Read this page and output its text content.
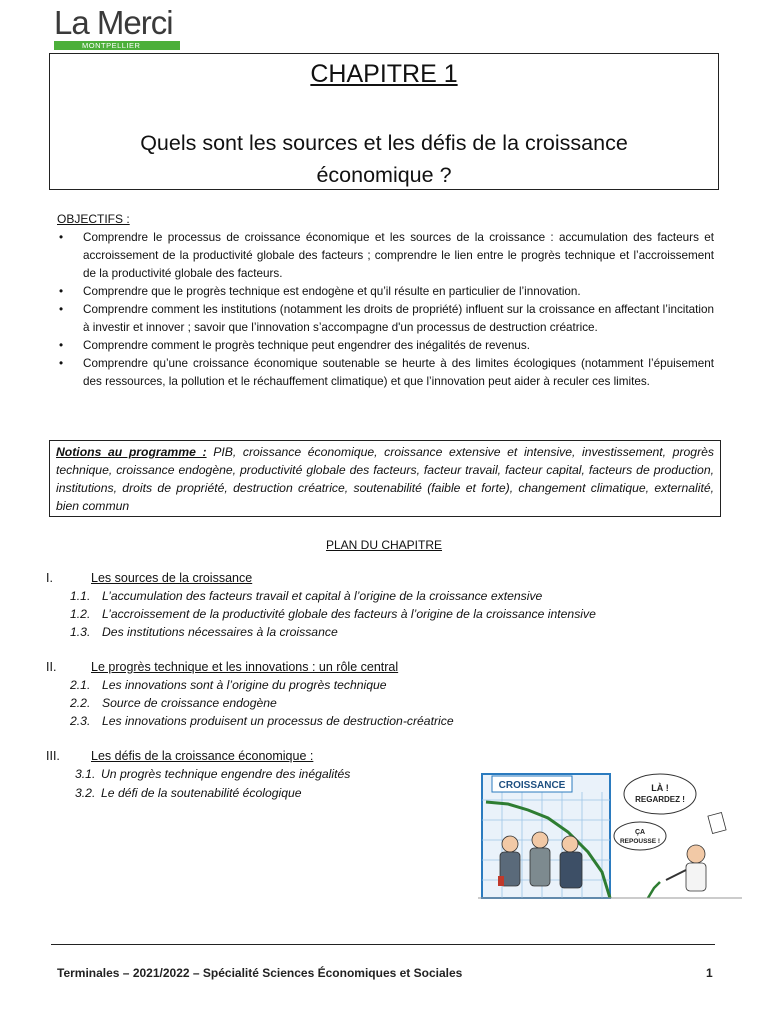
La Merci
MONTPELLIER
CHAPITRE 1
Quels sont les sources et les défis de la croissance
économique ?
OBJECTIFS :
• Comprendre le processus de croissance économique et les sources de la croissance : accumulation des facteurs et accroissement de la productivité globale des facteurs ; comprendre le lien entre le progrès technique et l’accroissement de la productivité globale des facteurs.
• Comprendre que le progrès technique est endogène et qu’il résulte en particulier de l’innovation.
• Comprendre comment les institutions (notamment les droits de propriété) influent sur la croissance en affectant l’incitation à investir et innover ; savoir que l’innovation s’accompagne d'un processus de destruction créatrice.
• Comprendre comment le progrès technique peut engendrer des inégalités de revenus.
• Comprendre qu’une croissance économique soutenable se heurte à des limites écologiques (notamment l’épuisement des ressources, la pollution et le réchauffement climatique) et que l’innovation peut aider à reculer ces limites.
Notions au programme : PIB, croissance économique, croissance extensive et intensive, investissement, progrès technique, croissance endogène, productivité globale des facteurs, facteur travail, facteur capital, facteurs de production, institutions, droits de propriété, destruction créatrice, soutenabilité (faible et forte), changement climatique, externalité, bien commun
PLAN DU CHAPITRE
I.	Les sources de la croissance
1.1. L’accumulation des facteurs travail et capital à l’origine de la croissance extensive
1.2. L’accroissement de la productivité globale des facteurs à l’origine de la croissance intensive
1.3. Des institutions nécessaires à la croissance
II.	Le progrès technique et les innovations : un rôle central
2.1. Les innovations sont à l’origine du progrès technique
2.2. Source de croissance endogène
2.3. Les innovations produisent un processus de destruction-créatrice
III. Les défis de la croissance économique :
3.1. Un progrès technique engendre des inégalités
3.2. Le défi de la soutenabilité écologique
CROISSANCE	LÀ !
REGARDEZ !
ÇA
REPOUSSE !
Terminales – 2021/2022 – Spécialité Sciences Économiques et Sociales	1
